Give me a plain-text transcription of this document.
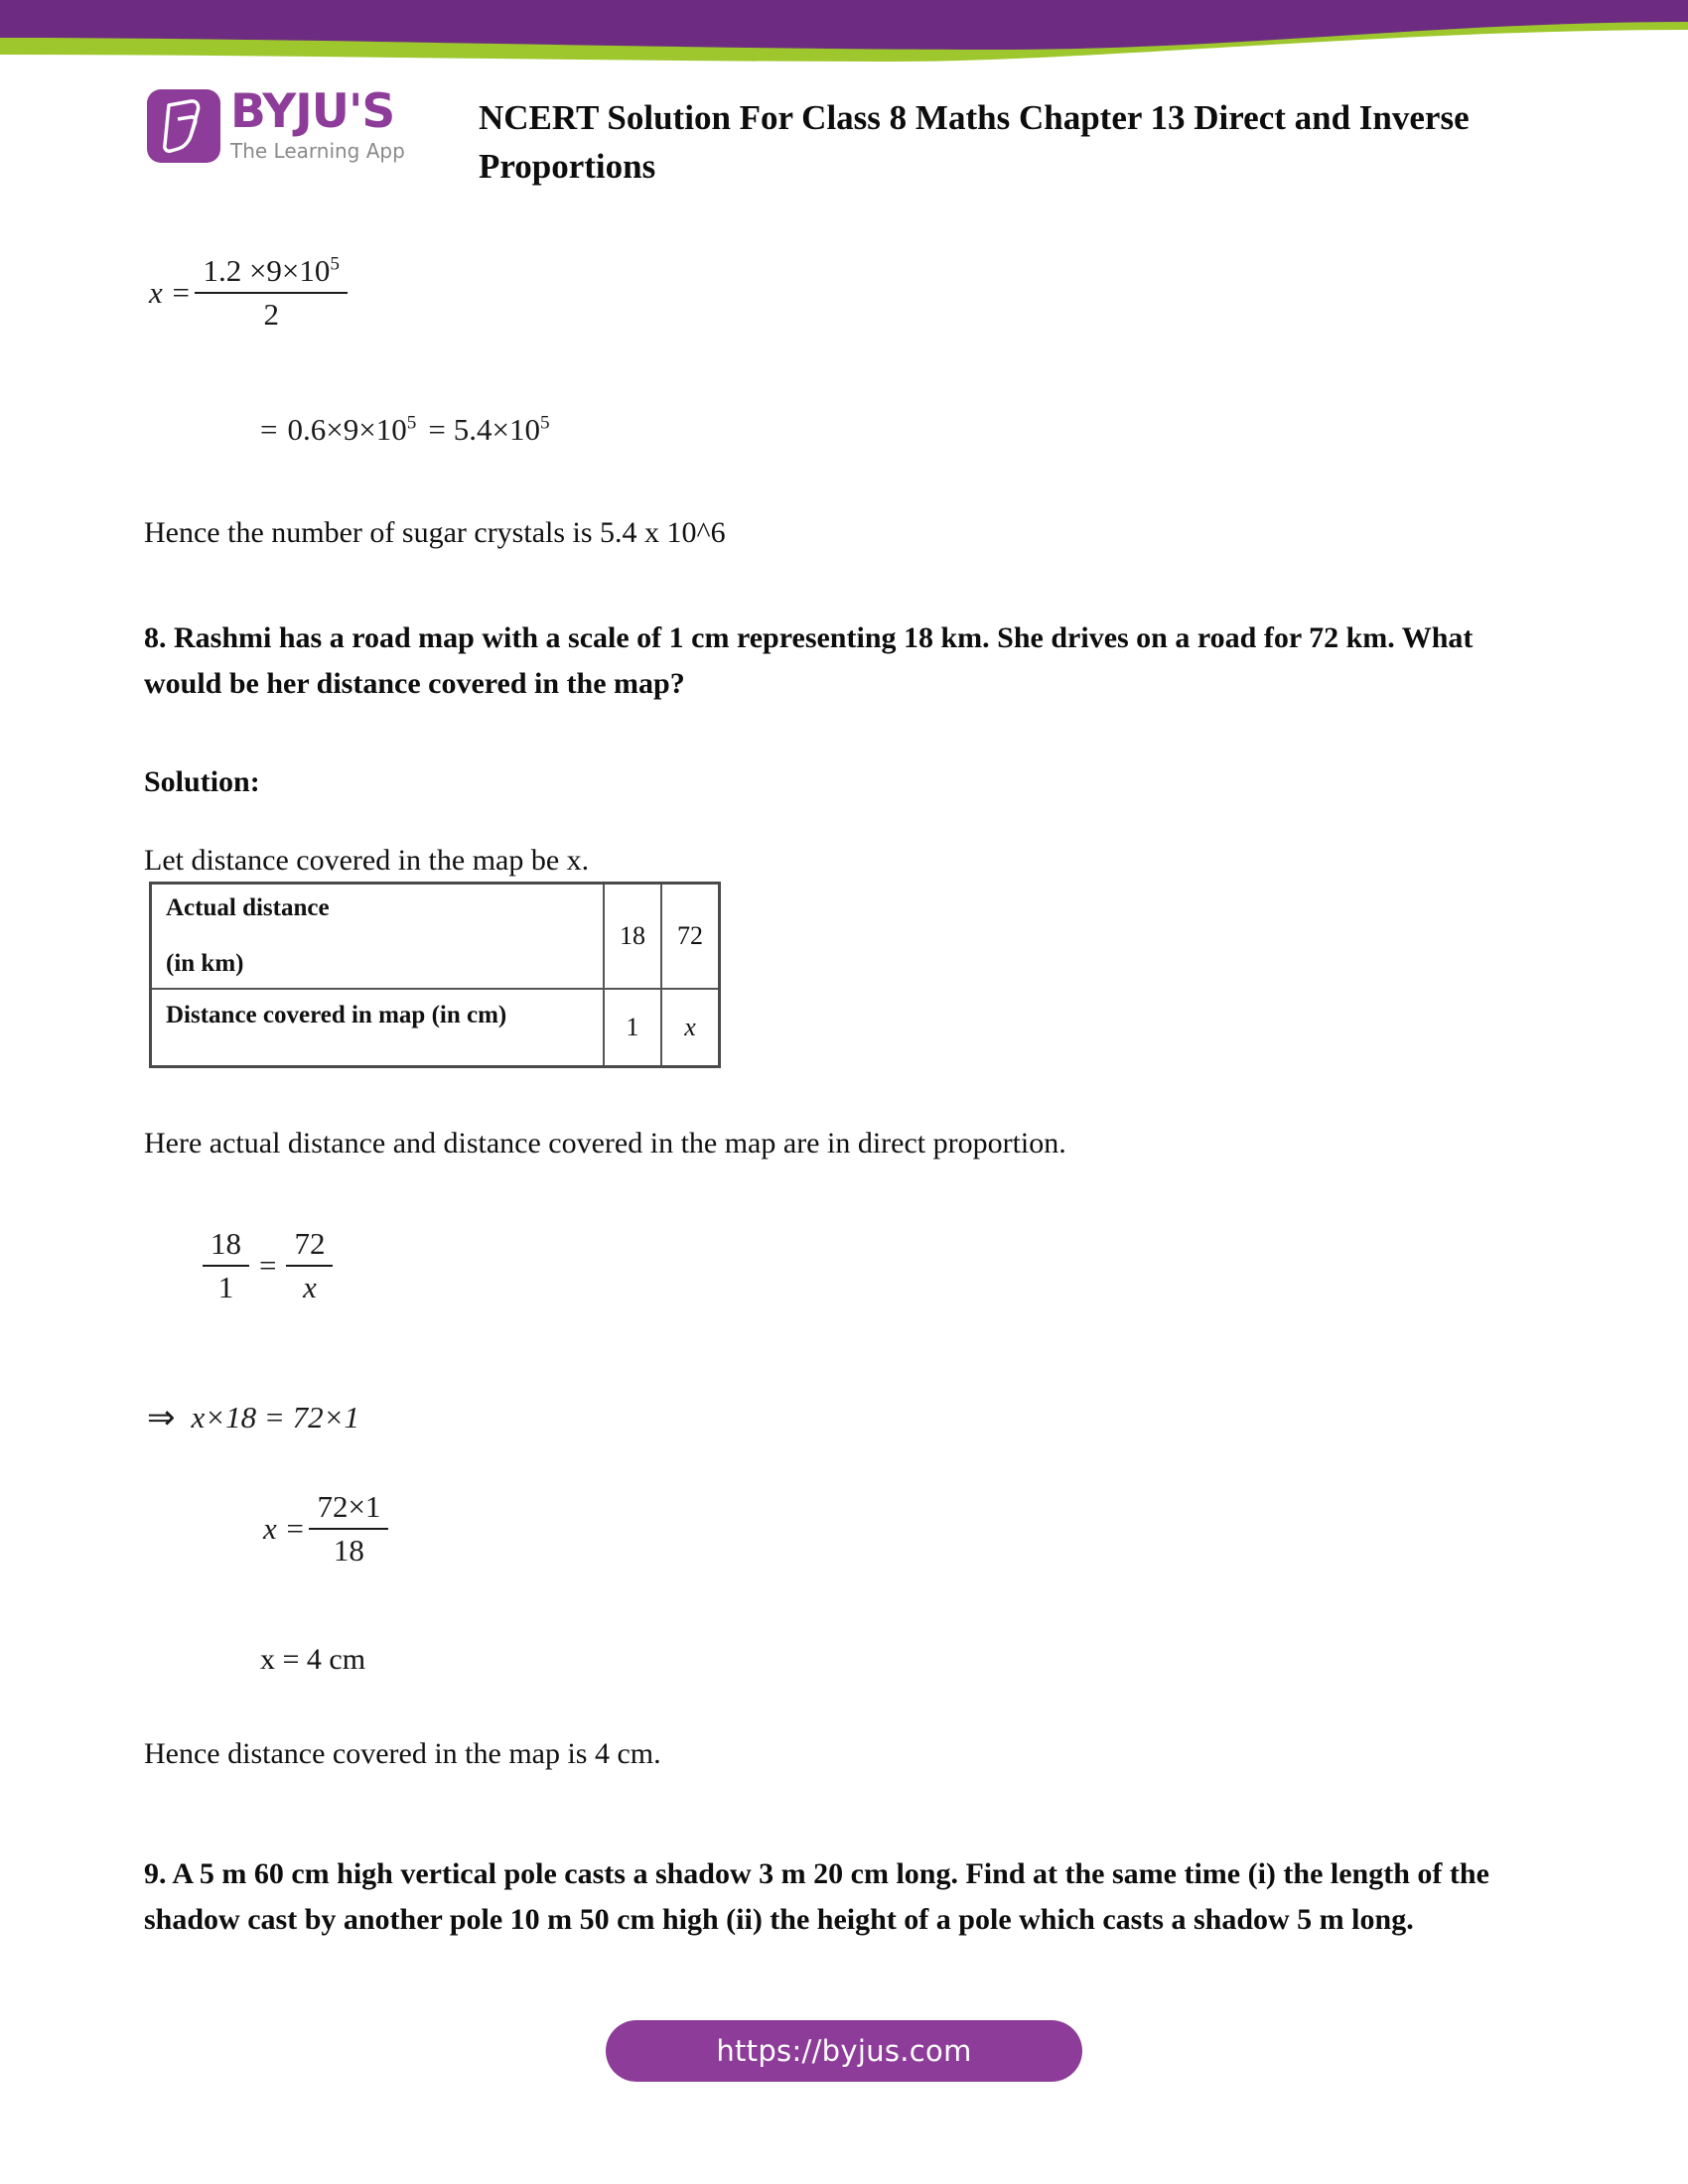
BYJU'S
The Learning App
NCERT Solution For Class 8 Maths Chapter 13 Direct and Inverse Proportions
$x = \frac{1.2 \times 9\times 10^5}{2}$
= $0.6\times 9\times 10^5 = 5.4\times 10^5$
Hence the number of sugar crystals is 5.4 x 10^6
8. Rashmi has a road map with a scale of 1 cm representing 18 km. She drives on a road for 72 km. What would be her distance covered in the map?
Solution:
Let distance covered in the map be x.
Actual distance
(in km)	18	72

Distance covered in map (in cm)	1	x
Here actual distance and distance covered in the map are in direct proportion.
$\frac{18}{1} = \frac{72}{x}$
⇒ x×18 = 72×1
$x = \frac{72\times 1}{18}$
x = 4 cm
Hence distance covered in the map is 4 cm.
9. A 5 m 60 cm high vertical pole casts a shadow 3 m 20 cm long. Find at the same time (i) the length of the shadow cast by another pole 10 m 50 cm high (ii) the height of a pole which casts a shadow 5 m long.
https://byjus.com
